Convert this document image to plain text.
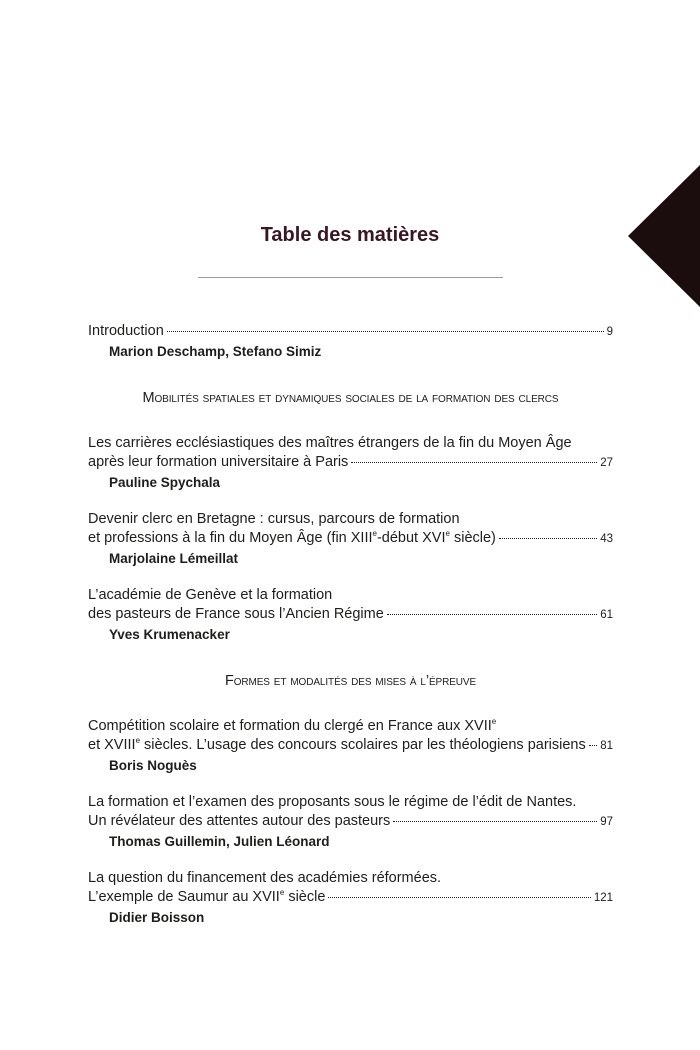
Table des matières
Introduction	9
Marion Deschamp, Stefano Simiz
Mobilités spatiales et dynamiques sociales de la formation des clercs
Les carrières ecclésiastiques des maîtres étrangers de la fin du Moyen Âge
après leur formation universitaire à Paris	27
Pauline Spychala
Devenir clerc en Bretagne : cursus, parcours de formation
et professions à la fin du Moyen Âge (fin XIIIe-début XVIe siècle)	43
Marjolaine Lémeillat
L’académie de Genève et la formation
des pasteurs de France sous l’Ancien Régime	61
Yves Krumenacker
Formes et modalités des mises à l’épreuve
Compétition scolaire et formation du clergé en France aux XVIIe
et XVIIIe siècles. L’usage des concours scolaires par les théologiens parisiens 81
Boris Noguès
La formation et l’examen des proposants sous le régime de l’édit de Nantes.
Un révélateur des attentes autour des pasteurs	97
Thomas Guillemin, Julien Léonard
La question du financement des académies réformées.
L’exemple de Saumur au XVIIe siècle	121
Didier Boisson
